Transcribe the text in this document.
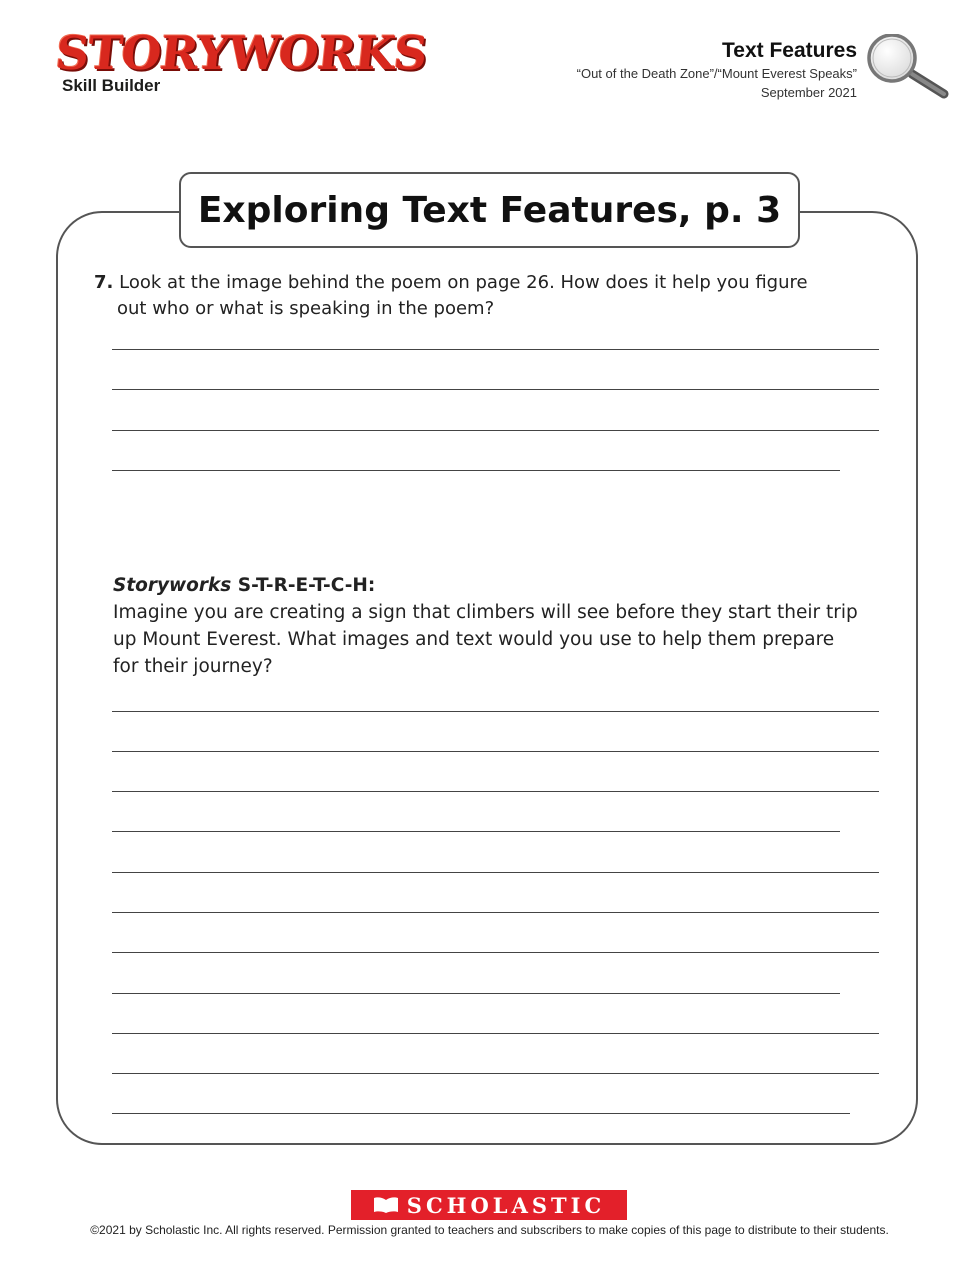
STORYWORKS
Skill Builder
Text Features
“Out of the Death Zone”/“Mount Everest Speaks”
September 2021
Exploring Text Features, p. 3
7. Look at the image behind the poem on page 26. How does it help you figure
out who or what is speaking in the poem?
Storyworks S-T-R-E-T-C-H:
Imagine you are creating a sign that climbers will see before they start their trip
up Mount Everest. What images and text would you use to help them prepare
for their journey?
SCHOLASTIC
©2021 by Scholastic Inc. All rights reserved. Permission granted to teachers and subscribers to make copies of this page to distribute to their students.
